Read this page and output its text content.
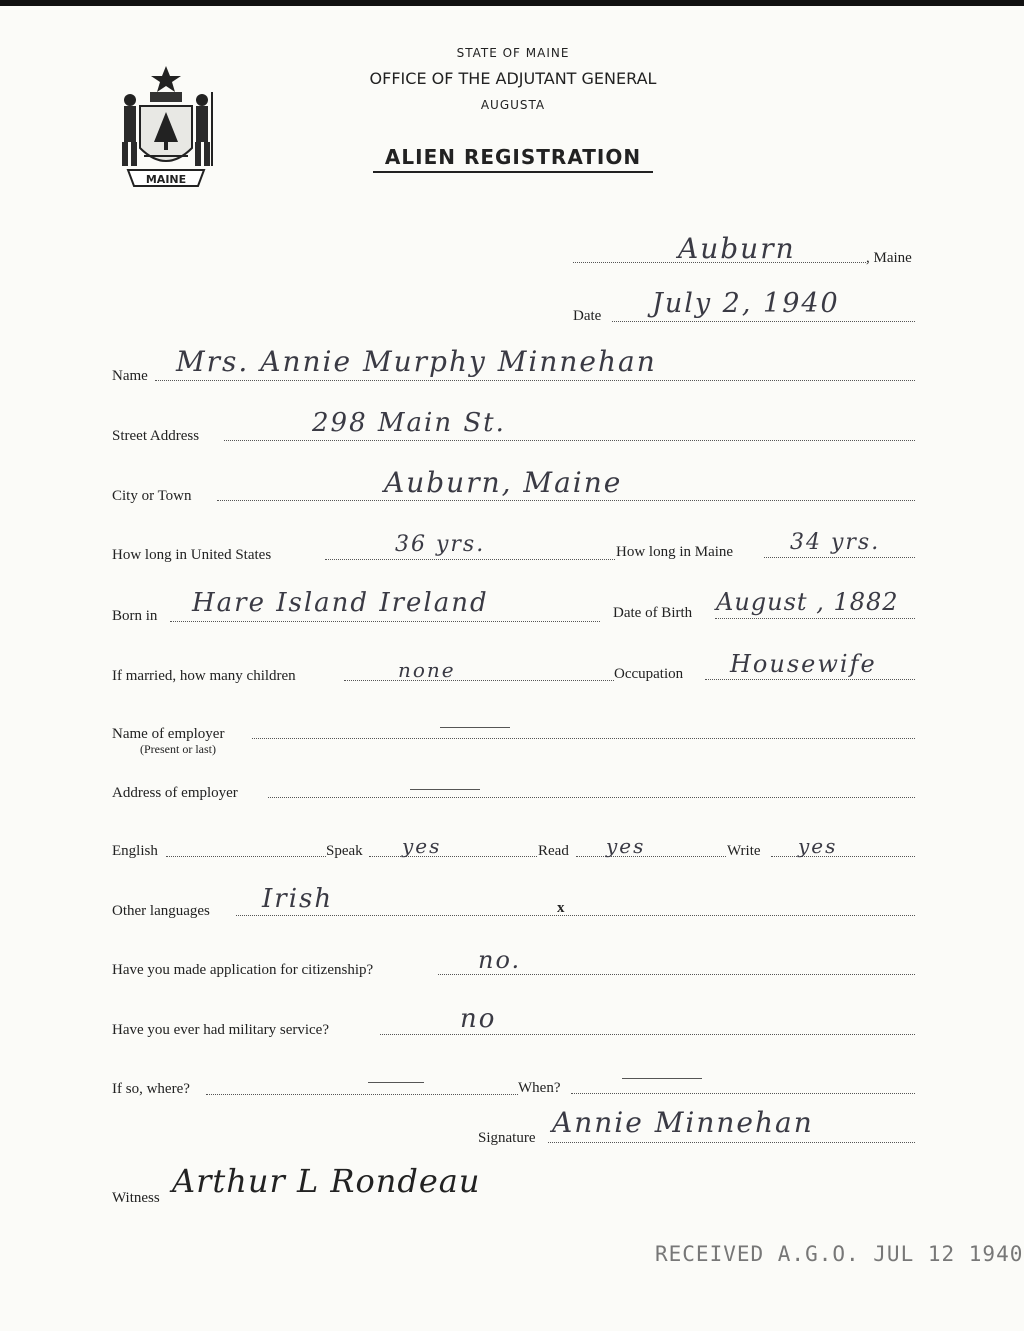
MAINE
STATE OF MAINE
OFFICE OF THE ADJUTANT GENERAL
AUGUSTA
ALIEN REGISTRATION
Auburn	, Maine
Date July 2, 1940
Name Mrs. Annie Murphy Minnehan
Street Address	298 Main St.
City or Town	Auburn, Maine
How long in United States	36 yrs.	How long in Maine	34 yrs.
Born in Hare Island Ireland	Date of Birth August , 1882
If married, how many children	none	Occupation Housewife
Name of employer
(Present or last)
Address of employer
English	Speak yes	Read yes	Write yes
Other languages Irish	x
Have you made application for citizenship?	no.
Have you ever had military service?	no
If so, where?	When?
Signature Annie Minnehan
Witness Arthur L Rondeau
RECEIVED A.G.O. JUL 12 1940
